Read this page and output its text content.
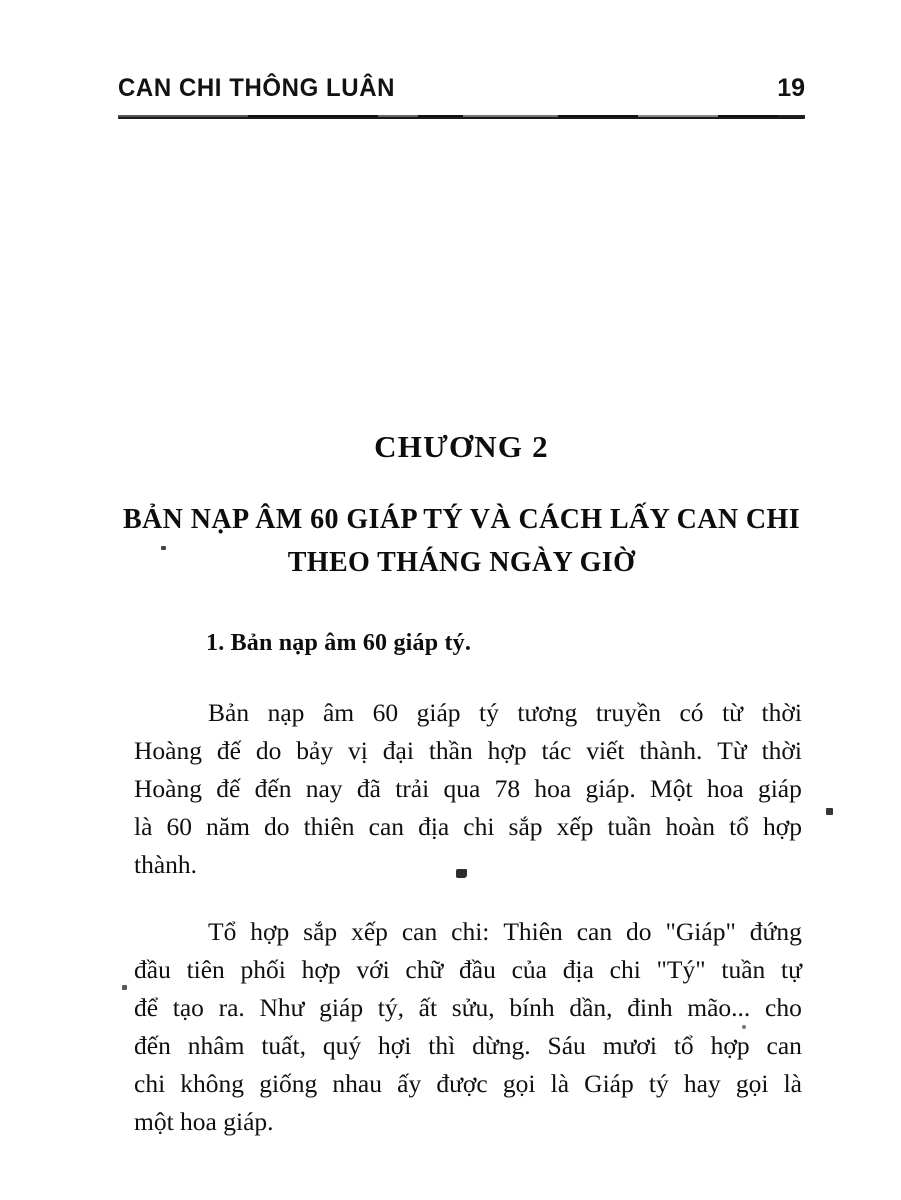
CAN CHI THÔNG LUÂN	19
CHƯƠNG 2
BẢN NẠP ÂM 60 GIÁP TÝ VÀ CÁCH LẤY CAN CHI
THEO THÁNG NGÀY GIỜ
1. Bản nạp âm 60 giáp tý.

Bản nạp âm 60 giáp tý tương truyền có từ thời
Hoàng đế do bảy vị đại thần hợp tác viết thành. Từ thời
Hoàng đế đến nay đã trải qua 78 hoa giáp. Một hoa giáp
là 60 năm do thiên can địa chi sắp xếp tuần hoàn tổ hợp
thành.

Tổ hợp sắp xếp can chi: Thiên can do "Giáp" đứng
đầu tiên phối hợp với chữ đầu của địa chi "Tý" tuần tự
để tạo ra. Như giáp tý, ất sửu, bính dần, đinh mão... cho
đến nhâm tuất, quý hợi thì dừng. Sáu mươi tổ hợp can
chi không giống nhau ấy được gọi là Giáp tý hay gọi là
một hoa giáp.
